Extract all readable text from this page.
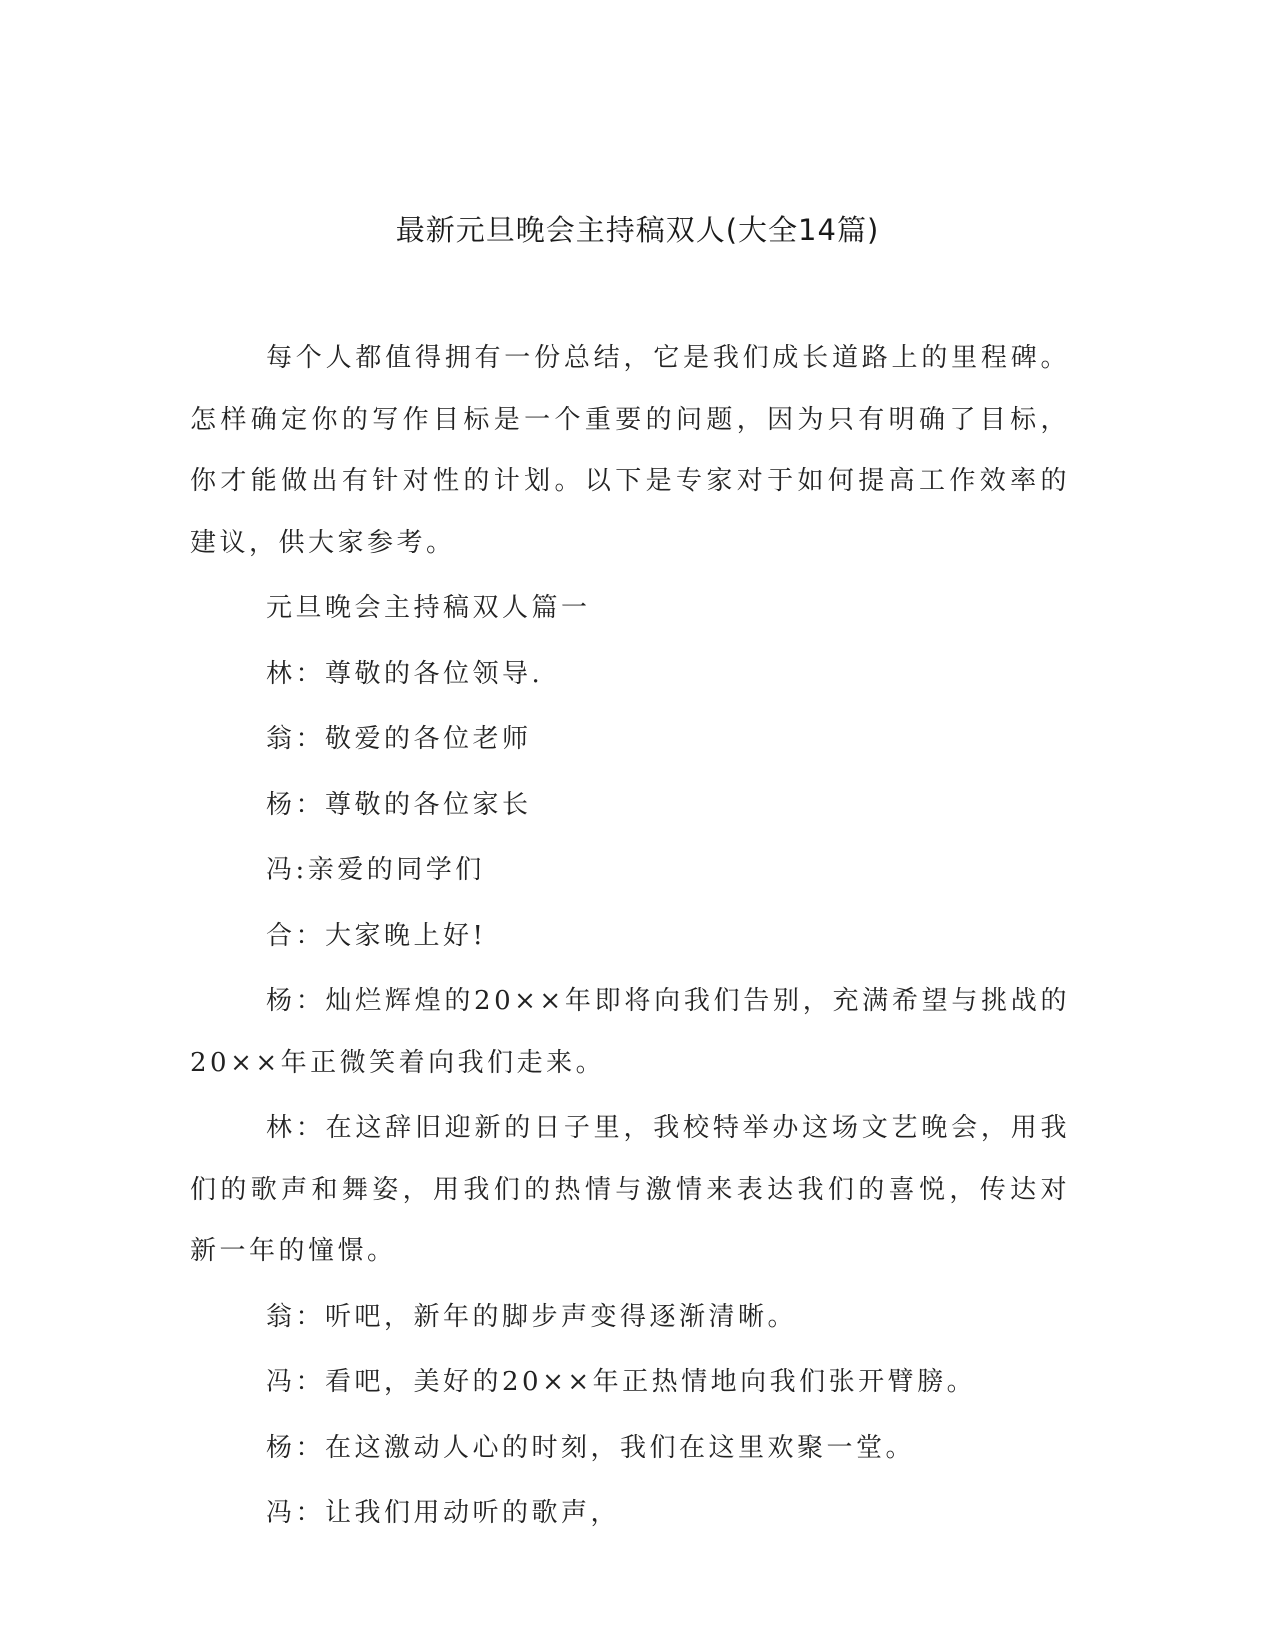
最新元旦晚会主持稿双人(大全14篇)

每个人都值得拥有一份总结，它是我们成长道路上的里程碑。怎样确定你的写作目标是一个重要的问题，因为只有明确了目标，你才能做出有针对性的计划。以下是专家对于如何提高工作效率的建议，供大家参考。

元旦晚会主持稿双人篇一

林：尊敬的各位领导.

翁：敬爱的各位老师

杨：尊敬的各位家长

冯:亲爱的同学们

合：大家晚上好!

杨：灿烂辉煌的20××年即将向我们告别，充满希望与挑战的20××年正微笑着向我们走来。

林：在这辞旧迎新的日子里，我校特举办这场文艺晚会，用我们的歌声和舞姿，用我们的热情与激情来表达我们的喜悦，传达对新一年的憧憬。

翁：听吧，新年的脚步声变得逐渐清晰。

冯：看吧，美好的20××年正热情地向我们张开臂膀。

杨：在这激动人心的时刻，我们在这里欢聚一堂。

冯：让我们用动听的歌声，
